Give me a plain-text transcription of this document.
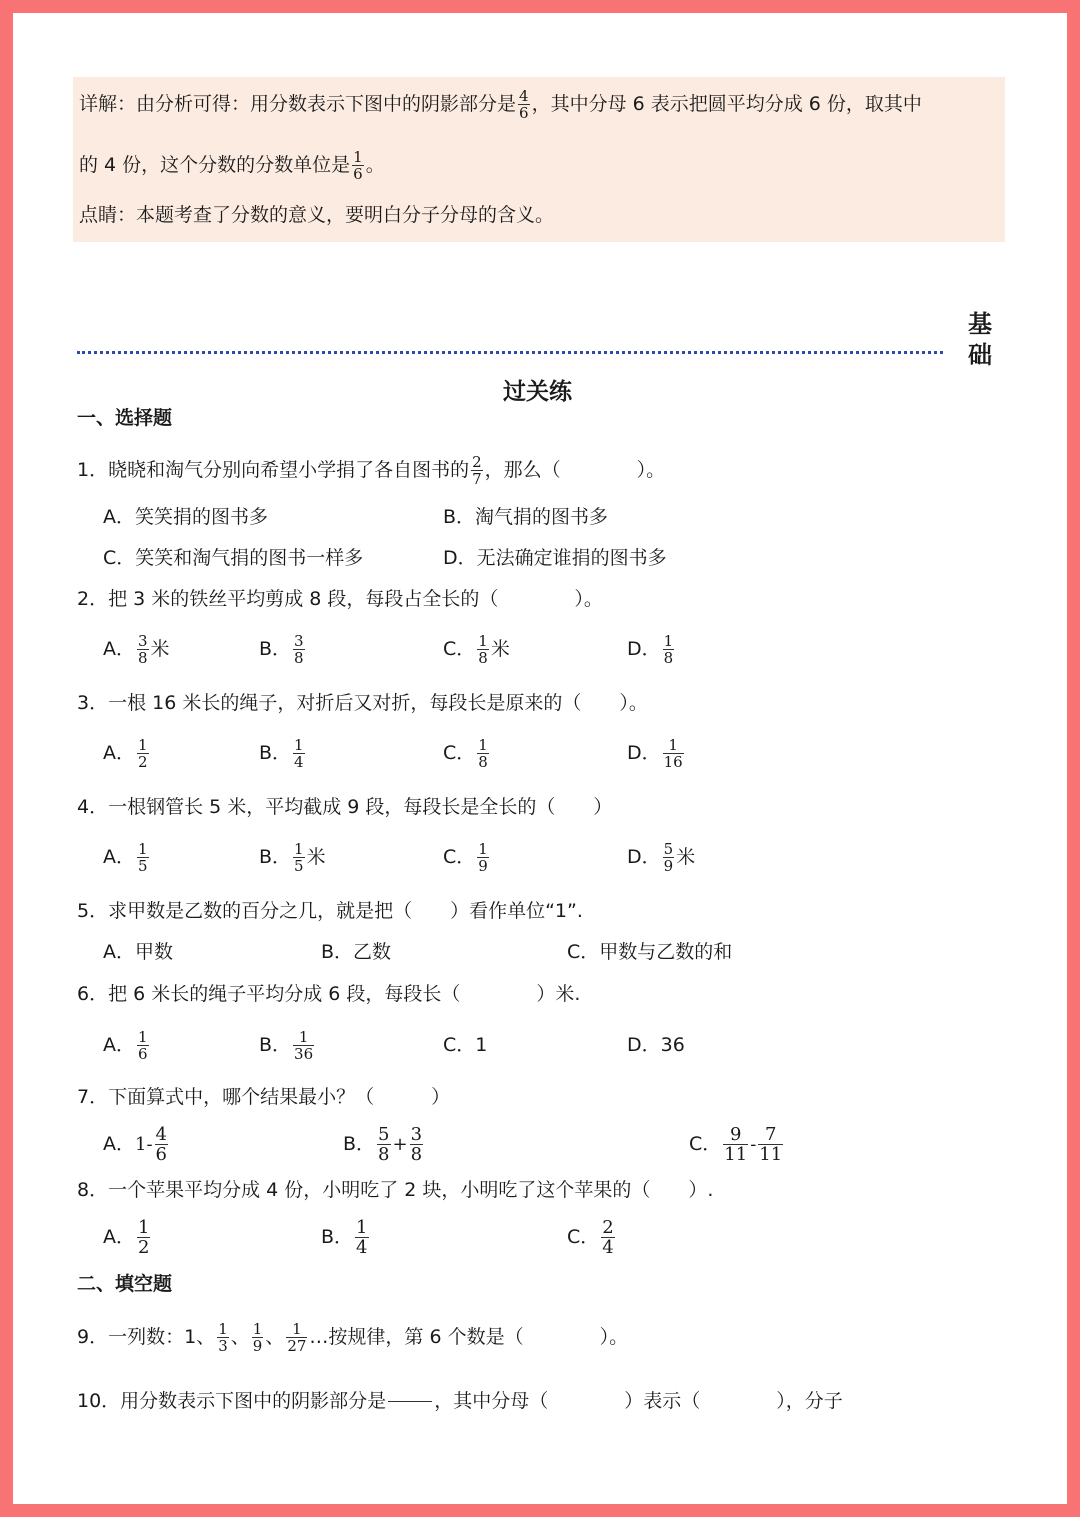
详解：由分析可得：用分数表示下图中的阴影部分是 $\frac{4}{6}$ ，其中分母 6 表示把圆平均分成 6 份，取其中
的 4 份，这个分数的分数单位是 $\frac{1}{6}$ 。
点睛：本题考查了分数的意义，要明白分子分母的含义。
基
础
过关练
一、选择题
1．晓晓和淘气分别向希望小学捐了各自图书的 $\frac{2}{7}$ ，那么（　　　　）。
A．笑笑捐的图书多	B．淘气捐的图书多
C．笑笑和淘气捐的图书一样多	D．无法确定谁捐的图书多
2．把 3 米的铁丝平均剪成 8 段，每段占全长的（　　　　）。
A． $\frac{3}{8}$ 米	B． $\frac{3}{8}$	C． $\frac{1}{8}$ 米	D． $\frac{1}{8}$
3．一根 16 米长的绳子，对折后又对折，每段长是原来的（　　）。
A． $\frac{1}{2}$	B． $\frac{1}{4}$	C． $\frac{1}{8}$	D． $\frac{1}{16}$
4．一根钢管长 5 米，平均截成 9 段，每段长是全长的（　　）
A． $\frac{1}{5}$	B． $\frac{1}{5}$ 米	C． $\frac{1}{9}$	D． $\frac{5}{9}$ 米
5．求甲数是乙数的百分之几，就是把（　　）看作单位“1”.
A．甲数	B．乙数	C．甲数与乙数的和
6．把 6 米长的绳子平均分成 6 段，每段长（　　　　）米.
A． $\frac{1}{6}$	B． $\frac{1}{36}$	C．1	D．36
7．下面算式中，哪个结果最小？（　　　）
A．$1- \frac{4}{6}$	B． $\frac{5}{8} + \frac{3}{8}$	C． $\frac{9}{11} - \frac{7}{11}$
8．一个苹果平均分成 4 份，小明吃了 2 块，小明吃了这个苹果的（　　）.
A． $\frac{1}{2}$	B． $\frac{1}{4}$	C． $\frac{2}{4}$
二、填空题
9．一列数：1、 $\frac{1}{3}$ 、 $\frac{1}{9}$ 、 $\frac{1}{27}$ …按规律，第 6 个数是（　　　　）。
10．用分数表示下图中的阴影部分是	，其中分母（　　　　）表示（　　　　），分子
